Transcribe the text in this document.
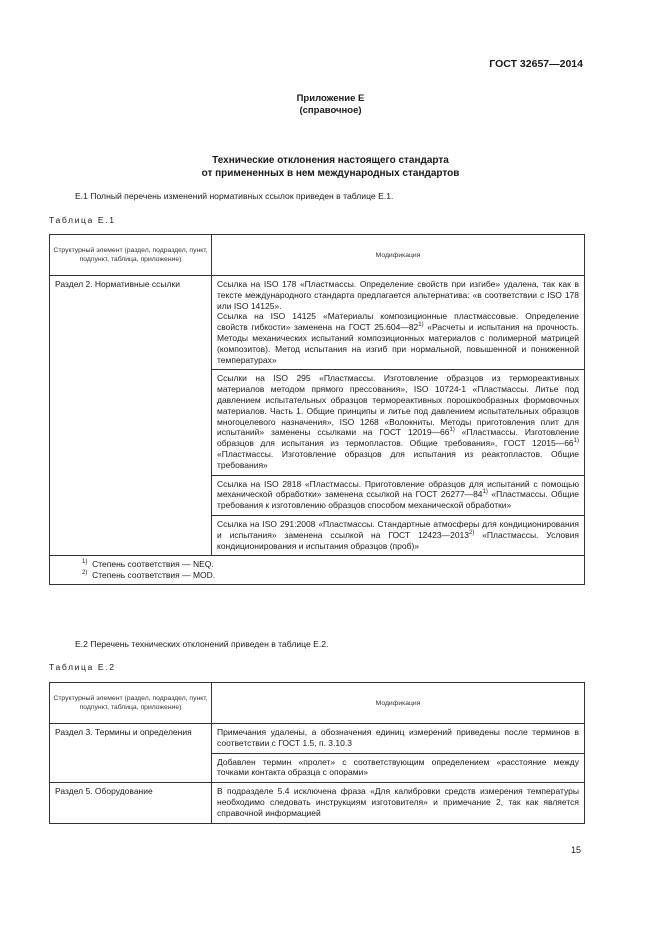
ГОСТ 32657—2014
Приложение Е
(справочное)
Технические отклонения настоящего стандарта
от примененных в нем международных стандартов
Е.1 Полный перечень изменений нормативных ссылок приведен в таблице Е.1.
Таблица Е.1
Структурный элемент (раздел, подраздел, пункт, подпункт, таблица, приложение)	Модификация
Раздел 2. Нормативные ссылки	Ссылка на ISO 178 «Пластмассы. Определение свойств при изгибе» удалена, так как в тексте международного стандарта предлагается альтернатива: «в соответствии с ISO 178 или ISO 14125».
Ссылка на ISO 14125 «Материалы композиционные пластмассовые. Определение свойств гибкости» заменена на ГОСТ 25.604—82$^{1)}$ «Расчеты и испытания на прочность. Методы механических испытаний композиционных материалов с полимерной матрицей (композитов). Метод испытания на изгиб при нормальной, повышенной и пониженной температурах»

	Ссылки на ISO 295 «Пластмассы. Изготовление образцов из термореактивных материалов методом прямого прессования», ISO 10724-1 «Пластмассы. Литье под давлением испытательных образцов термореактивных порошкообразных формовочных материалов. Часть 1. Общие принципы и литье под давлением испытательных образцов многоцелевого назначения», ISO 1268 «Волокниты. Методы приготовления плит для испытаний» заменены ссылками на ГОСТ 12019—66$^{1)}$ «Пластмассы. Изготовление образцов для испытания из термопластов. Общие требования», ГОСТ 12015—66$^{1)}$ «Пластмассы. Изготовление образцов для испытания из реактопластов. Общие требования»
	Ссылка на ISO 2818 «Пластмассы. Приготовление образцов для испытаний с помощью механической обработки» заменена ссылкой на ГОСТ 26277—84$^{1)}$ «Пластмассы. Общие требования к изготовлению образцов способом механической обработки»
	Ссылка на ISO 291:2008 «Пластмассы. Стандартные атмосферы для кондиционирования и испытания» заменена ссылкой на ГОСТ 12423—2013$^{2)}$ «Пластмассы. Условия кондиционирования и испытания образцов (проб)»

$^{1)}$ Степень соответствия — NEQ.
$^{2)}$ Степень соответствия — MOD.	
Е.2 Перечень технических отклонений приведен в таблице Е.2.
Таблица Е.2
Структурный элемент (раздел, подраздел, пункт, подпункт, таблица, приложение)	Модификация
Раздел 3. Термины и определения	Примечания удалены, а обозначения единиц измерений приведены после терминов в соответствии с ГОСТ 1.5, п. 3.10.3
	Добавлен термин «пролет» с соответствующим определением «расстояние между точками контакта образца с опорами»
Раздел 5. Оборудование	В подразделе 5.4 исключена фраза «Для калибровки средств измерения температуры необходимо следовать инструкциям изготовителя» и примечание 2, так как является справочной информацией
15
